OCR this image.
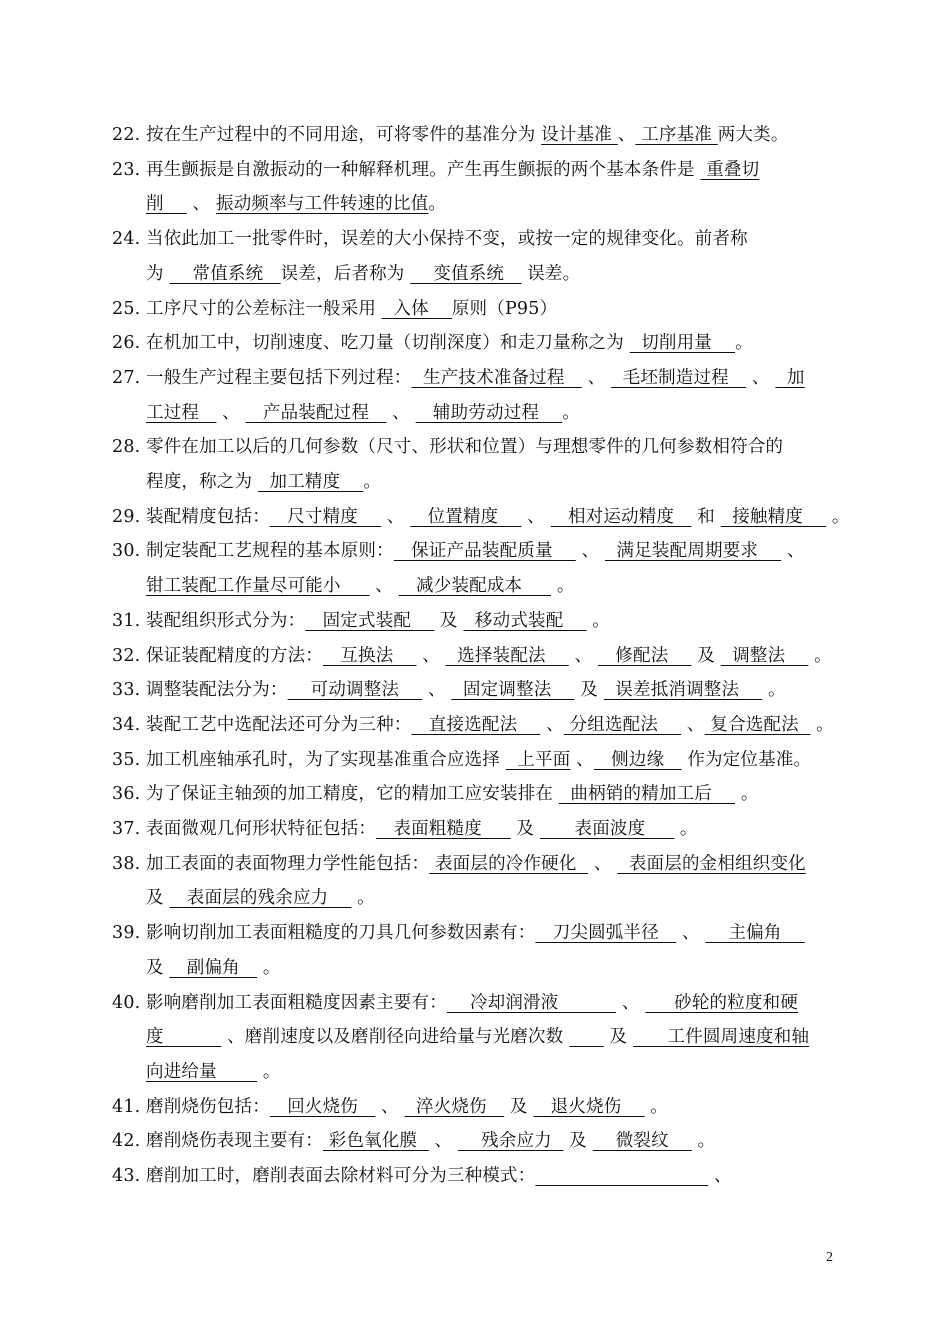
22. 按在生产过程中的不同用途，可将零件的基准分为 设计基准 、 工序基准 两大类。
23. 再生颤振是自激振动的一种解释机理。产生再生颤振的两个基本条件是  重叠切
削     、 振动频率与工件转速的比值。
24. 当依此加工一批零件时，误差的大小保持不变，或按一定的规律变化。前者称
为     常值系统   误差，后者称为     变值系统    误差。
25. 工序尺寸的公差标注一般采用   入体    原则（P95）
26. 在机加工中，切削速度、吃刀量（切削深度）和走刀量称之为   切削用量    。
27. 一般生产过程主要包括下列过程：  生产技术准备过程    、   毛坯制造过程    、   加
工过程    、    产品装配过程    、    辅助劳动过程    。
28. 零件在加工以后的几何参数（尺寸、形状和位置）与理想零件的几何参数相符合的
程度，称之为   加工精度    。
29. 装配精度包括：   尺寸精度     、    位置精度     、    相对运动精度    和   接触精度     。
30. 制定装配工艺规程的基本原则：   保证产品装配质量     、   满足装配周期要求     、
钳工装配工作量尽可能小      、    减少装配成本      。
31. 装配组织形式分为：   固定式装配     及   移动式装配     。
32. 保证装配精度的方法：   互换法     、   选择装配法     、    修配法     及   调整法     。
33. 调整装配法分为：    可动调整法     、   固定调整法     及   误差抵消调整法     。
34. 装配工艺中选配法还可分为三种：   直接选配法     、 分组选配法     、 复合选配法   。
35. 加工机座轴承孔时，为了实现基准重合应选择   上平面 、   侧边缘    作为定位基准。
36. 为了保证主轴颈的加工精度，它的精加工应安装排在   曲柄销的精加工后     。
37. 表面微观几何形状特征包括：   表面粗糙度      及       表面波度      。
38. 加工表面的表面物理力学性能包括： 表面层的冷作硬化   、   表面层的金相组织变化
及    表面层的残余应力     。
39. 影响切削加工表面粗糙度的刀具几何参数因素有：   刀尖圆弧半径    、     主偏角
及    副偏角    。
40. 影响磨削加工表面粗糙度因素主要有：    冷却润滑液           、      砂轮的粒度和硬
度           、磨削速度以及磨削径向进给量与光磨次数        及       工件圆周速度和轴
向进给量        。
41. 磨削烧伤包括：   回火烧伤    、   淬火烧伤    及    退火烧伤     。
42. 磨削烧伤表现主要有： 彩色氧化膜   、     残余应力   及     微裂纹     。
43. 磨削加工时，磨削表面去除材料可分为三种模式：	、
2
